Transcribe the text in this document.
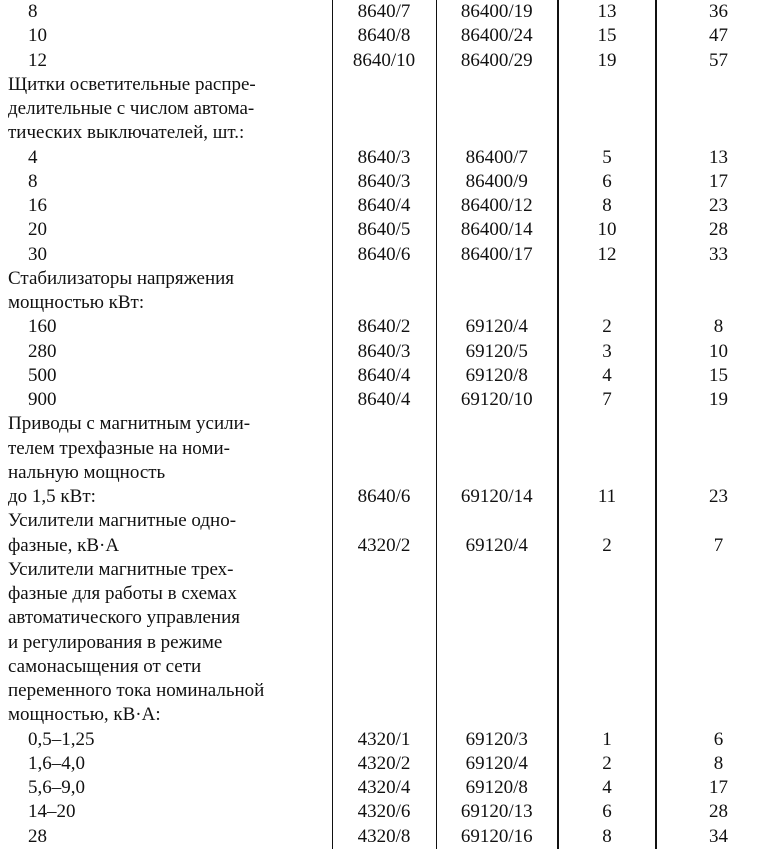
8	8640/7	86400/19	13	36
10	8640/8	86400/24	15	47
12	8640/10	86400/29	19	57
Щитки осветительные распре-				
делительные с числом автома-				
тических выключателей, шт.:				
4	8640/3	86400/7	5	13
8	8640/3	86400/9	6	17
16	8640/4	86400/12	8	23
20	8640/5	86400/14	10	28
30	8640/6	86400/17	12	33
Стабилизаторы напряжения				
мощностью кВт:				
160	8640/2	69120/4	2	8
280	8640/3	69120/5	3	10
500	8640/4	69120/8	4	15
900	8640/4	69120/10	7	19
Приводы с магнитным усили-				
телем трехфазные на номи-				
нальную мощность				
до 1,5 кВт:	8640/6	69120/14	11	23
Усилители магнитные одно-				
фазные, кВ·А	4320/2	69120/4	2	7
Усилители магнитные трех-				
фазные для работы в схемах				
автоматического управления				
и регулирования в режиме				
самонасыщения от сети				
переменного тока номинальной				
мощностью, кВ·А:				
0,5–1,25	4320/1	69120/3	1	6
1,6–4,0	4320/2	69120/4	2	8
5,6–9,0	4320/4	69120/8	4	17
14–20	4320/6	69120/13	6	28
28	4320/8	69120/16	8	34
